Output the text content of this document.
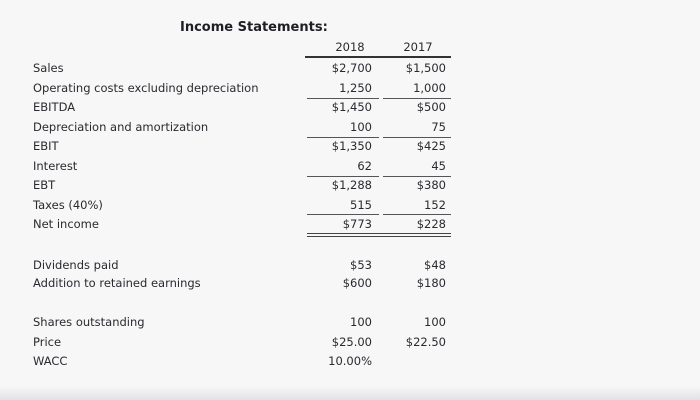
Income Statements:
2018	2017
Sales	$2,700	$1,500
Operating costs excluding depreciation	1,250	1,000
EBITDA	$1,450	$500
Depreciation and amortization	100	75
EBIT	$1,350	$425
Interest	62	45
EBT	$1,288	$380
Taxes (40%)	515	152
Net income	$773	$228
Dividends paid	$53	$48
Addition to retained earnings	$600	$180
Shares outstanding	100	100
Price	$25.00	$22.50
WACC	10.00%
